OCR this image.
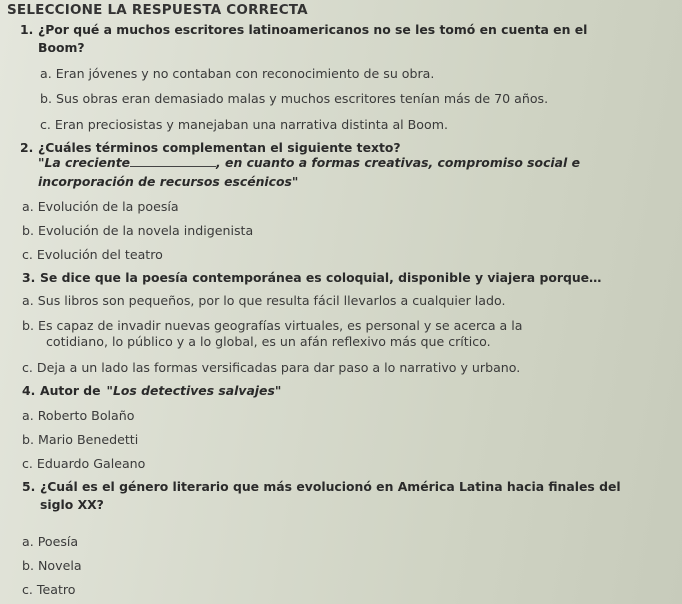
SELECCIONE LA RESPUESTA CORRECTA
1. ¿Por qué a muchos escritores latinoamericanos no se les tomó en cuenta en el
Boom?
a. Eran jóvenes y no contaban con reconocimiento de su obra.
b. Sus obras eran demasiado malas y muchos escritores tenían más de 70 años.
c. Eran preciosistas y manejaban una narrativa distinta al Boom.
2. ¿Cuáles términos complementan el siguiente texto?
"La creciente	, en cuanto a formas creativas, compromiso social e
incorporación de recursos escénicos"
a. Evolución de la poesía
b. Evolución de la novela indigenista
c. Evolución del teatro
3. Se dice que la poesía contemporánea es coloquial, disponible y viajera porque…
a. Sus libros son pequeños, por lo que resulta fácil llevarlos a cualquier lado.
b. Es capaz de invadir nuevas geografías virtuales, es personal y se acerca a la
cotidiano, lo público y a lo global, es un afán reflexivo más que crítico.
c. Deja a un lado las formas versificadas para dar paso a lo narrativo y urbano.
4. Autor de "Los detectives salvajes"
a. Roberto Bolaño
b. Mario Benedetti
c. Eduardo Galeano
5. ¿Cuál es el género literario que más evolucionó en América Latina hacia finales del
siglo XX?
a. Poesía
b. Novela
c. Teatro
